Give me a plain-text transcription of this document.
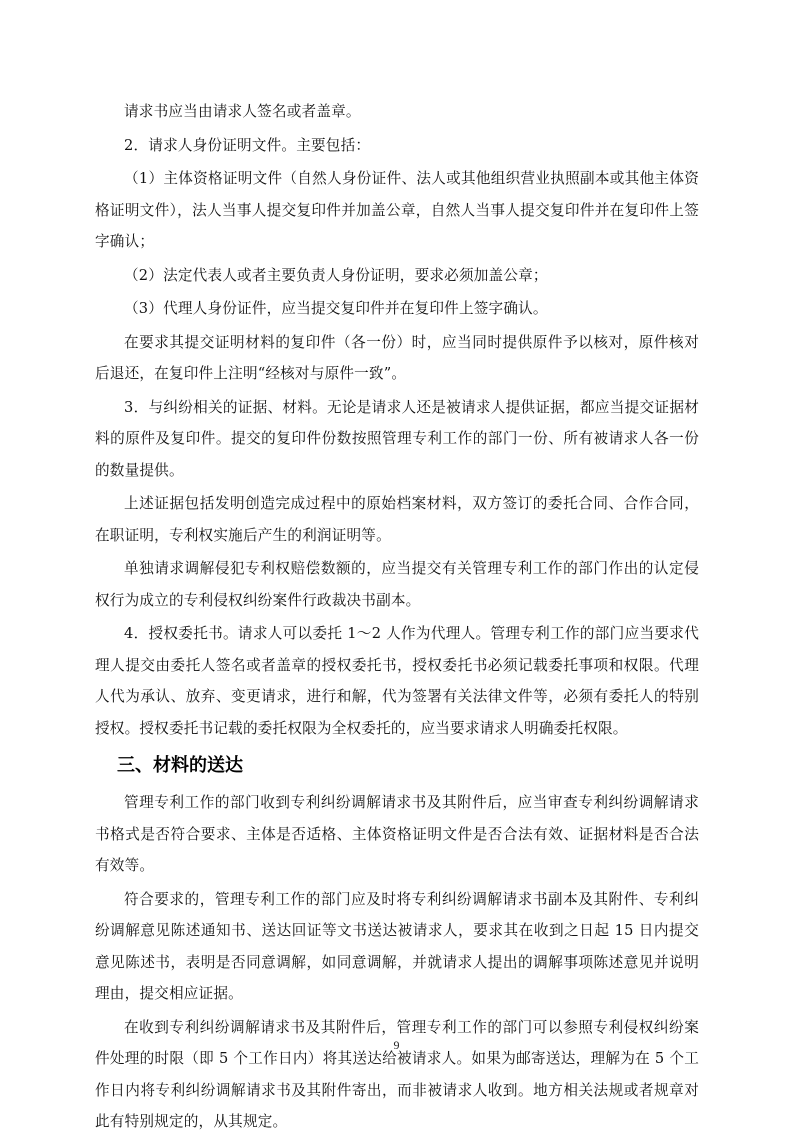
请求书应当由请求人签名或者盖章。

2．请求人身份证明文件。主要包括：

（1）主体资格证明文件（自然人身份证件、法人或其他组织营业执照副本或其他主体资格证明文件），法人当事人提交复印件并加盖公章，自然人当事人提交复印件并在复印件上签字确认；

（2）法定代表人或者主要负责人身份证明，要求必须加盖公章；

（3）代理人身份证件，应当提交复印件并在复印件上签字确认。

在要求其提交证明材料的复印件（各一份）时，应当同时提供原件予以核对，原件核对后退还，在复印件上注明“经核对与原件一致”。

3．与纠纷相关的证据、材料。无论是请求人还是被请求人提供证据，都应当提交证据材料的原件及复印件。提交的复印件份数按照管理专利工作的部门一份、所有被请求人各一份的数量提供。

上述证据包括发明创造完成过程中的原始档案材料，双方签订的委托合同、合作合同，在职证明，专利权实施后产生的利润证明等。

单独请求调解侵犯专利权赔偿数额的，应当提交有关管理专利工作的部门作出的认定侵权行为成立的专利侵权纠纷案件行政裁决书副本。

4．授权委托书。请求人可以委托 1～2 人作为代理人。管理专利工作的部门应当要求代理人提交由委托人签名或者盖章的授权委托书，授权委托书必须记载委托事项和权限。代理人代为承认、放弃、变更请求，进行和解，代为签署有关法律文件等，必须有委托人的特别授权。授权委托书记载的委托权限为全权委托的，应当要求请求人明确委托权限。

三、材料的送达

管理专利工作的部门收到专利纠纷调解请求书及其附件后，应当审查专利纠纷调解请求书格式是否符合要求、主体是否适格、主体资格证明文件是否合法有效、证据材料是否合法有效等。

符合要求的，管理专利工作的部门应及时将专利纠纷调解请求书副本及其附件、专利纠纷调解意见陈述通知书、送达回证等文书送达被请求人，要求其在收到之日起 15 日内提交意见陈述书，表明是否同意调解，如同意调解，并就请求人提出的调解事项陈述意见并说明理由，提交相应证据。

在收到专利纠纷调解请求书及其附件后，管理专利工作的部门可以参照专利侵权纠纷案件处理的时限（即 5 个工作日内）将其送达给被请求人。如果为邮寄送达，理解为在 5 个工作日内将专利纠纷调解请求书及其附件寄出，而非被请求人收到。地方相关法规或者规章对此有特别规定的，从其规定。

9
